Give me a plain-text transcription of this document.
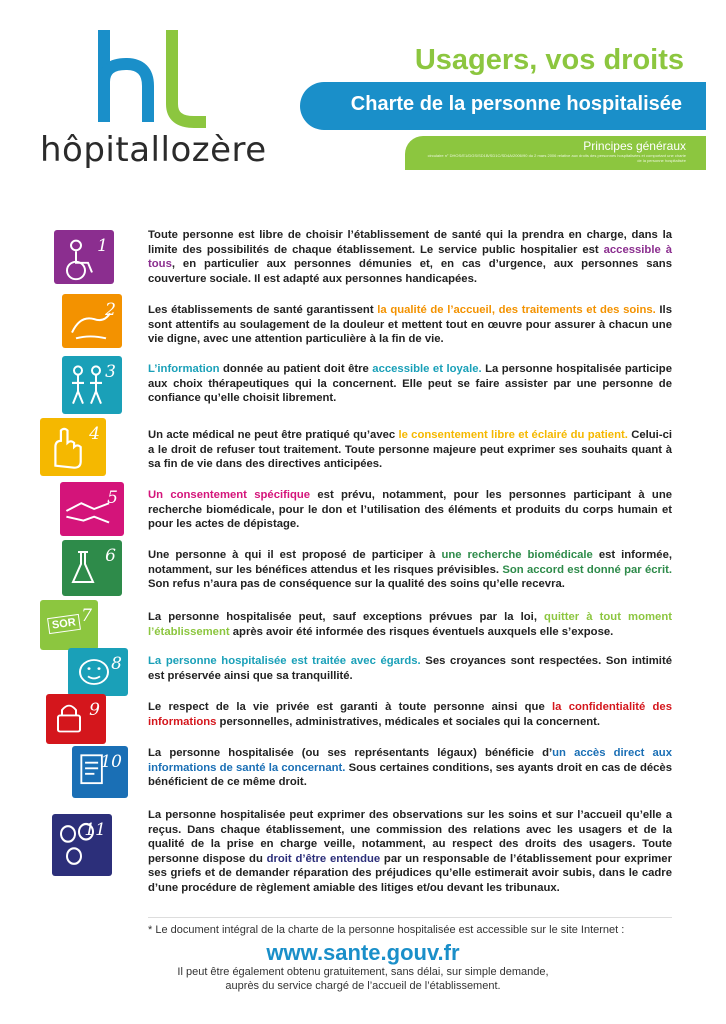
hôpitallozère
Usagers, vos droits
Charte de la personne hospitalisée
Principes généraux
circulaire n° DHOS/E1/DGS/SD1B/SD1C/SD4A/2006/90 du 2 mars 2006 relative aux droits des personnes hospitalisées et comportant une charte de la personne hospitalisée
1
Toute personne est libre de choisir l’établissement de santé qui la prendra en charge, dans la limite des possibilités de chaque établissement. Le service public hospitalier est accessible à tous, en particulier aux personnes démunies et, en cas d’urgence, aux personnes sans couverture sociale. Il est adapté aux personnes handicapées.
2	Les établissements de santé garantissent la qualité de l’accueil, des traitements et des soins. Ils sont attentifs au soulagement de la douleur et mettent tout en œuvre pour assurer à chacun une vie digne, avec une attention particulière à la fin de vie.
3	L’information donnée au patient doit être accessible et loyale. La personne hospitalisée participe aux choix thérapeutiques qui la concernent. Elle peut se faire assister par une personne de confiance qu’elle choisit librement.
4	Un acte médical ne peut être pratiqué qu’avec le consentement libre et éclairé du patient. Celui-ci a le droit de refuser tout traitement. Toute personne majeure peut exprimer ses souhaits quant à sa fin de vie dans des directives anticipées.
5	Un consentement spécifique est prévu, notamment, pour les personnes participant à une recherche biomédicale, pour le don et l’utilisation des éléments et produits du corps humain et pour les actes de dépistage.
6	Une personne à qui il est proposé de participer à une recherche biomédicale est informée, notamment, sur les bénéfices attendus et les risques prévisibles. Son accord est donné par écrit. Son refus n’aura pas de conséquence sur la qualité des soins qu’elle recevra.
SOR 7	La personne hospitalisée peut, sauf exceptions prévues par la loi, quitter à tout moment l’établissement après avoir été informée des risques éventuels auxquels elle s’expose.
8 La personne hospitalisée est traitée avec égards. Ses croyances sont respectées. Son intimité est préservée ainsi que sa tranquillité.
9	Le respect de la vie privée est garanti à toute personne ainsi que la confidentialité des informations personnelles, administratives, médicales et sociales qui la concernent.
10 La personne hospitalisée (ou ses représentants légaux) bénéficie d’un accès direct aux informations de santé la concernant. Sous certaines conditions, ses ayants droit en cas de décès bénéficient de ce même droit.
11
La personne hospitalisée peut exprimer des observations sur les soins et sur l’accueil qu’elle a reçus. Dans chaque établissement, une commission des relations avec les usagers et de la qualité de la prise en charge veille, notamment, au respect des droits des usagers. Toute personne dispose du droit d’être entendue par un responsable de l’établissement pour exprimer ses griefs et de demander réparation des préjudices qu’elle estimerait avoir subis, dans le cadre d’une procédure de règlement amiable des litiges et/ou devant les tribunaux.
* Le document intégral de la charte de la personne hospitalisée est accessible sur le site Internet :
www.sante.gouv.fr
Il peut être également obtenu gratuitement, sans délai, sur simple demande,
auprès du service chargé de l’accueil de l’établissement.
